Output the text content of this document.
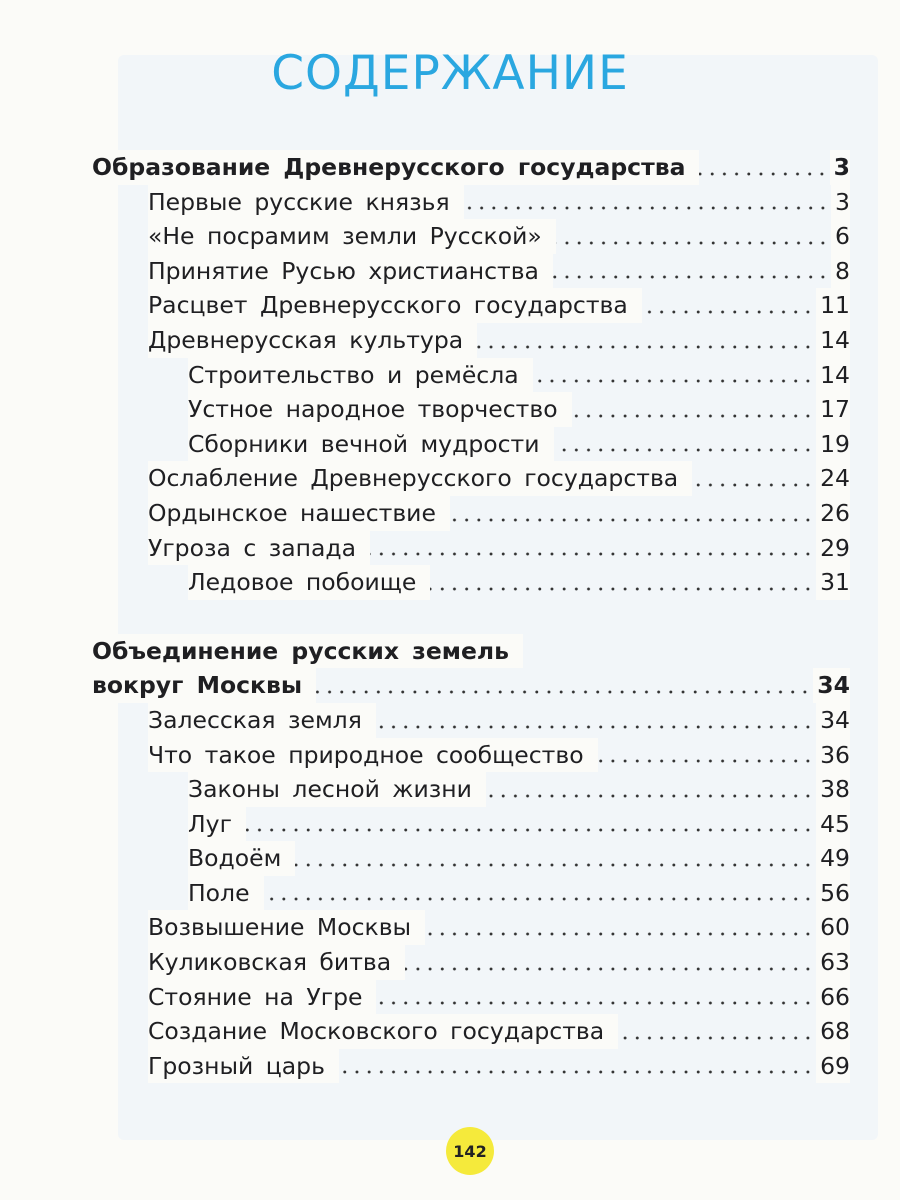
СОДЕРЖАНИЕ
Образование Древнерусского государства	3
Первые русские князья	3
«Не посрамим земли Русской»	6
Принятие Русью христианства	8
Расцвет Древнерусского государства	11
Древнерусская культура	14
Строительство и ремёсла	14
Устное народное творчество	17
Сборники вечной мудрости	19
Ослабление Древнерусского государства	24
Ордынское нашествие	26
Угроза с запада	29
Ледовое побоище	31
Объединение русских земель
вокруг Москвы	34
Залесская земля	34
Что такое природное сообщество	36
Законы лесной жизни	38
Луг	45
Водоём	49
Поле	56
Возвышение Москвы	60
Куликовская битва	63
Стояние на Угре	66
Создание Московского государства	68
Грозный царь	69
142
